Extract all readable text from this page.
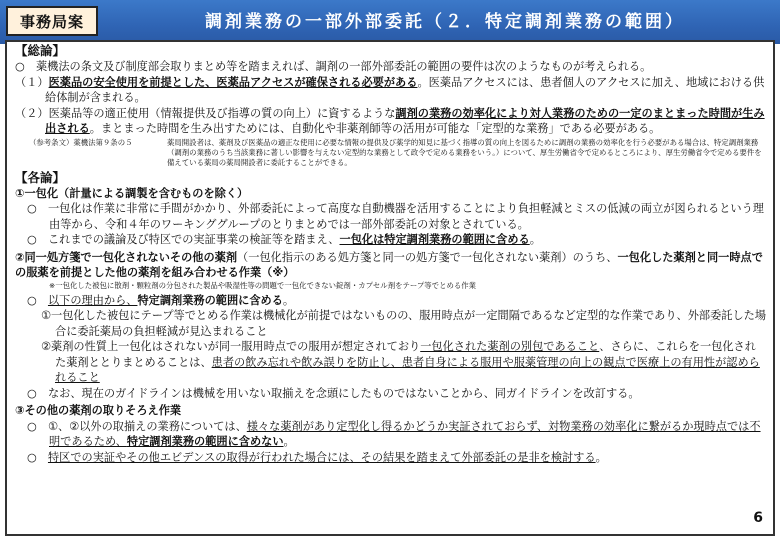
事務局案	調剤業務の一部外部委託（２．特定調剤業務の範囲）
【総論】

○　薬機法の条文及び制度部会取りまとめ等を踏まえれば、調剤の一部外部委託の範囲の要件は次のようなものが考えられる。

（１）医薬品の安全使用を前提とした、医薬品アクセスが確保される必要がある。医薬品アクセスには、患者個人のアクセスに加え、地域における供給体制が含まれる。

（２）医薬品等の適正使用（情報提供及び指導の質の向上）に資するような調剤の業務の効率化により対人業務のための一定のまとまった時間が生み出される。まとまった時間を生み出すためには、自動化や非薬剤師等の活用が可能な「定型的な業務」である必要がある。

（参考条文）薬機法第９条の５	薬局開設者は、薬剤及び医薬品の適正な使用に必要な情報の提供及び薬学的知見に基づく指導の質の向上を図るために調剤の業務の効率化を行う必要がある場合は、特定調剤業務（調剤の業務のうち当該業務に著しい影響を与えない定型的な業務として政令で定める業務をいう。）について、厚生労働省令で定めるところにより、厚生労働省令で定める要件を備えている薬局の薬局開設者に委託することができる。
【各論】
①一包化（計量による調製を含むものを除く）

○　一包化は作業に非常に手間がかかり、外部委託によって高度な自動機器を活用することにより負担軽減とミスの低減の両立が図られるという理由等から、令和４年のワーキンググループのとりまとめでは一部外部委託の対象とされている。

○　これまでの議論及び特区での実証事業の検証等を踏まえ、一包化は特定調剤業務の範囲に含める。

②同一処方箋で一包化されないその他の薬剤（一包化指示のある処方箋と同一の処方箋で一包化されない薬剤）のうち、一包化した薬剤と同一時点での服薬を前提とした他の薬剤を組み合わせる作業（※）

※一包化した被包に散剤・顆粒剤の分包された製品や吸湿性等の問題で一包化できない錠剤・カプセル剤をテープ等でとめる作業

○　以下の理由から、特定調剤業務の範囲に含める。

①一包化した被包にテープ等でとめる作業は機械化が前提ではないものの、服用時点が一定間隔であるなど定型的な作業であり、外部委託した場合に委託薬局の負担軽減が見込まれること

②薬剤の性質上一包化はされないが同一服用時点での服用が想定されており一包化された薬剤の別包であること、さらに、これらを一包化された薬剤ととりまとめることは、患者の飲み忘れや飲み誤りを防止し、患者自身による服用や服薬管理の向上の観点で医療上の有用性が認められること

○　なお、現在のガイドラインは機械を用いない取揃えを念頭にしたものではないことから、同ガイドラインを改訂する。

③その他の薬剤の取りそろえ作業

○　①、②以外の取揃えの業務については、様々な薬剤があり定型化し得るかどうか実証されておらず、対物業務の効率化に繋がるか現時点では不明であるため、特定調剤業務の範囲に含めない。

○　特区での実証やその他エビデンスの取得が行われた場合には、その結果を踏まえて外部委託の是非を検討する。

6
